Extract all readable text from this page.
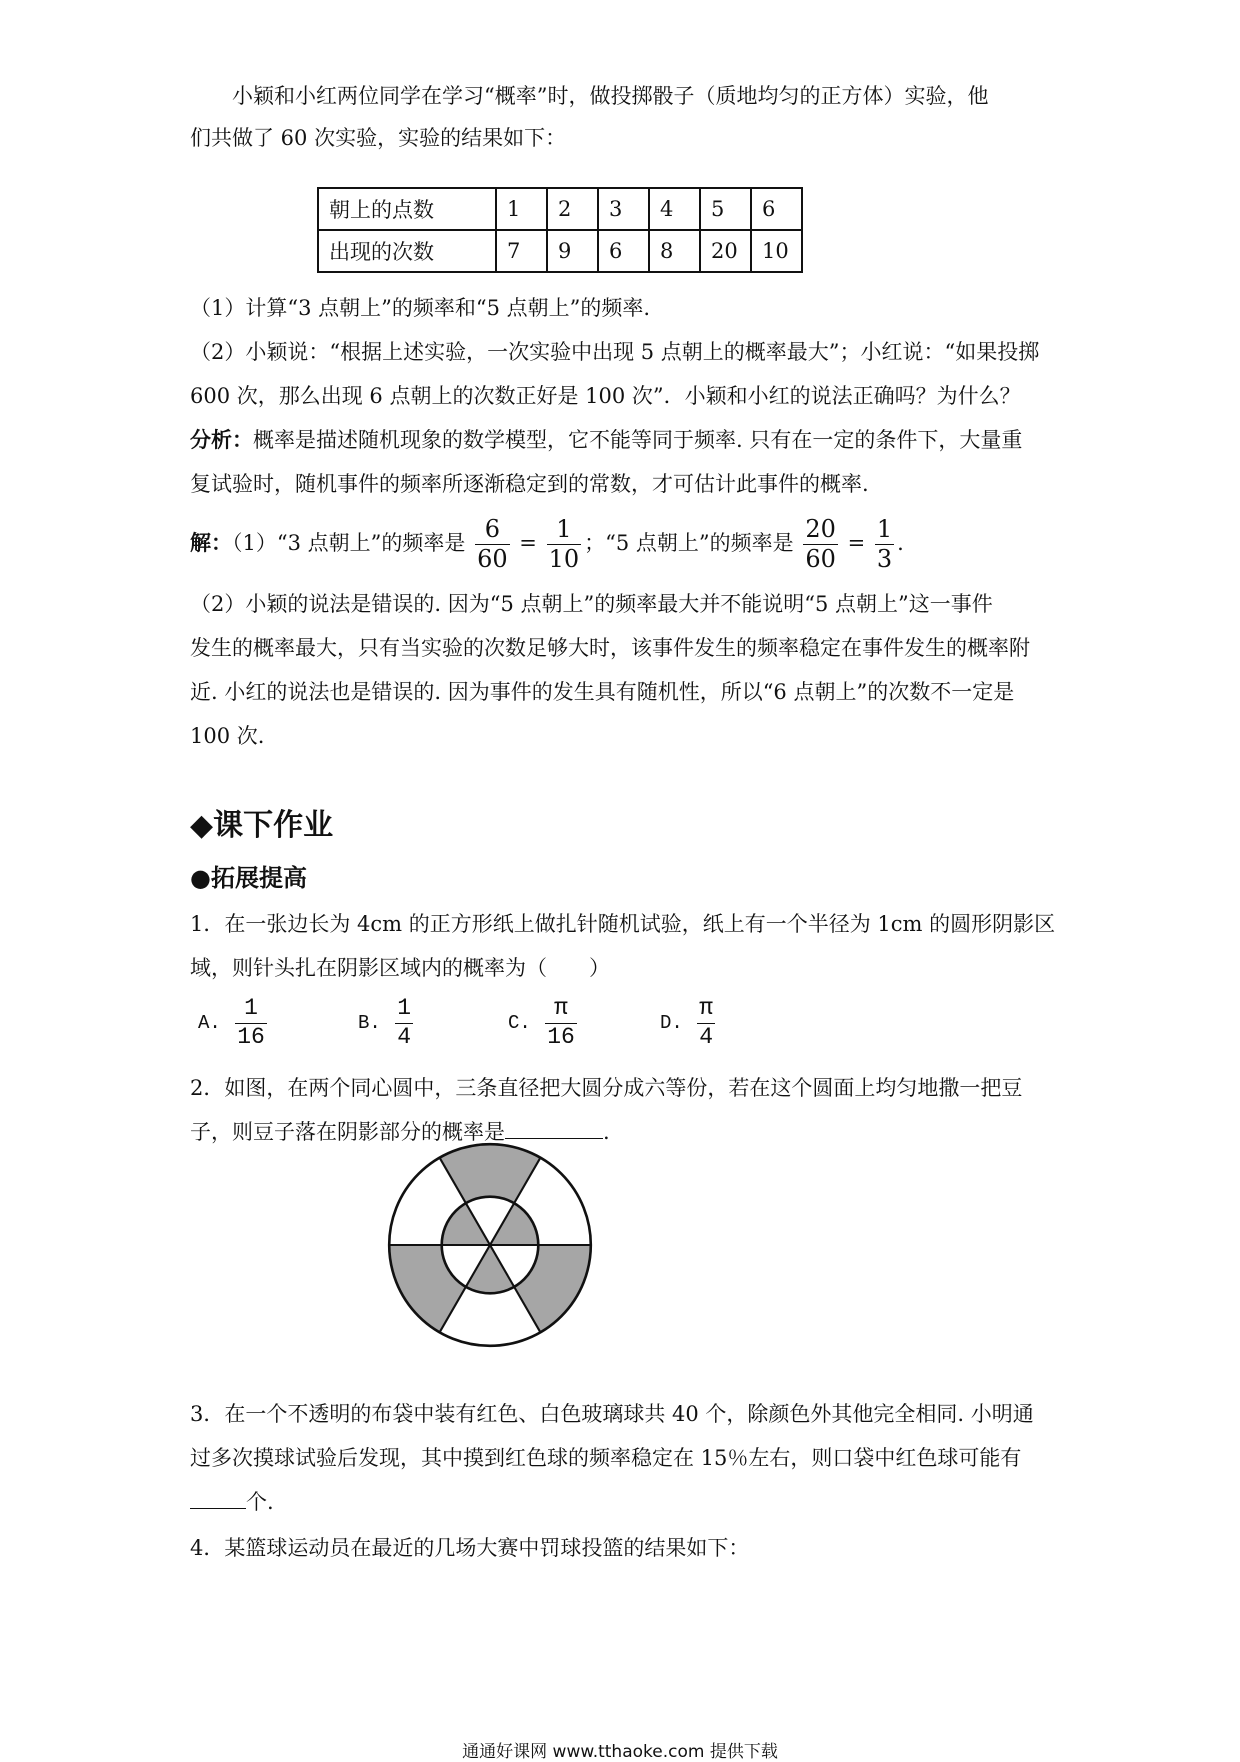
小颖和小红两位同学在学习“概率”时，做投掷骰子（质地均匀的正方体）实验，他

们共做了 60 次实验，实验的结果如下：

朝上的点数	1	2	3	4	5	6
出现的次数	7	9	6	8	20	10

（1）计算“3 点朝上”的频率和“5 点朝上”的频率.

（2）小颖说：“根据上述实验，一次实验中出现 5 点朝上的概率最大”；小红说：“如果投掷

600 次，那么出现 6 点朝上的次数正好是 100 次”．小颖和小红的说法正确吗？为什么？

分析：概率是描述随机现象的数学模型，它不能等同于频率. 只有在一定的条件下，大量重

复试验时，随机事件的频率所逐渐稳定到的常数，才可估计此事件的概率.

解：（1）“3 点朝上”的频率是 $\frac{6}{60} = \frac{1}{10}$ ；“5 点朝上”的频率是 $\frac{20}{60} = \frac{1}{3}$ .

（2）小颖的说法是错误的. 因为“5 点朝上”的频率最大并不能说明“5 点朝上”这一事件

发生的概率最大，只有当实验的次数足够大时，该事件发生的频率稳定在事件发生的概率附

近. 小红的说法也是错误的. 因为事件的发生具有随机性，所以“6 点朝上”的次数不一定是

100 次.

◆课下作业
●拓展提高

1．在一张边长为 4cm 的正方形纸上做扎针随机试验，纸上有一个半径为 1cm 的圆形阴影区

域，则针头扎在阴影区域内的概率为（　　）

A. $\frac{1}{16}$	B. $\frac{1}{4}$	C. $\frac{\pi}{16}$	D. $\frac{\pi}{4}$

2．如图，在两个同心圆中，三条直径把大圆分成六等份，若在这个圆面上均匀地撒一把豆

子，则豆子落在阴影部分的概率是	.

3．在一个不透明的布袋中装有红色、白色玻璃球共 40 个，除颜色外其他完全相同. 小明通

过多次摸球试验后发现，其中摸到红色球的频率稳定在 15％左右，则口袋中红色球可能有

个.

4．某篮球运动员在最近的几场大赛中罚球投篮的结果如下：

通通好课网 www.tthaoke.com 提供下载
